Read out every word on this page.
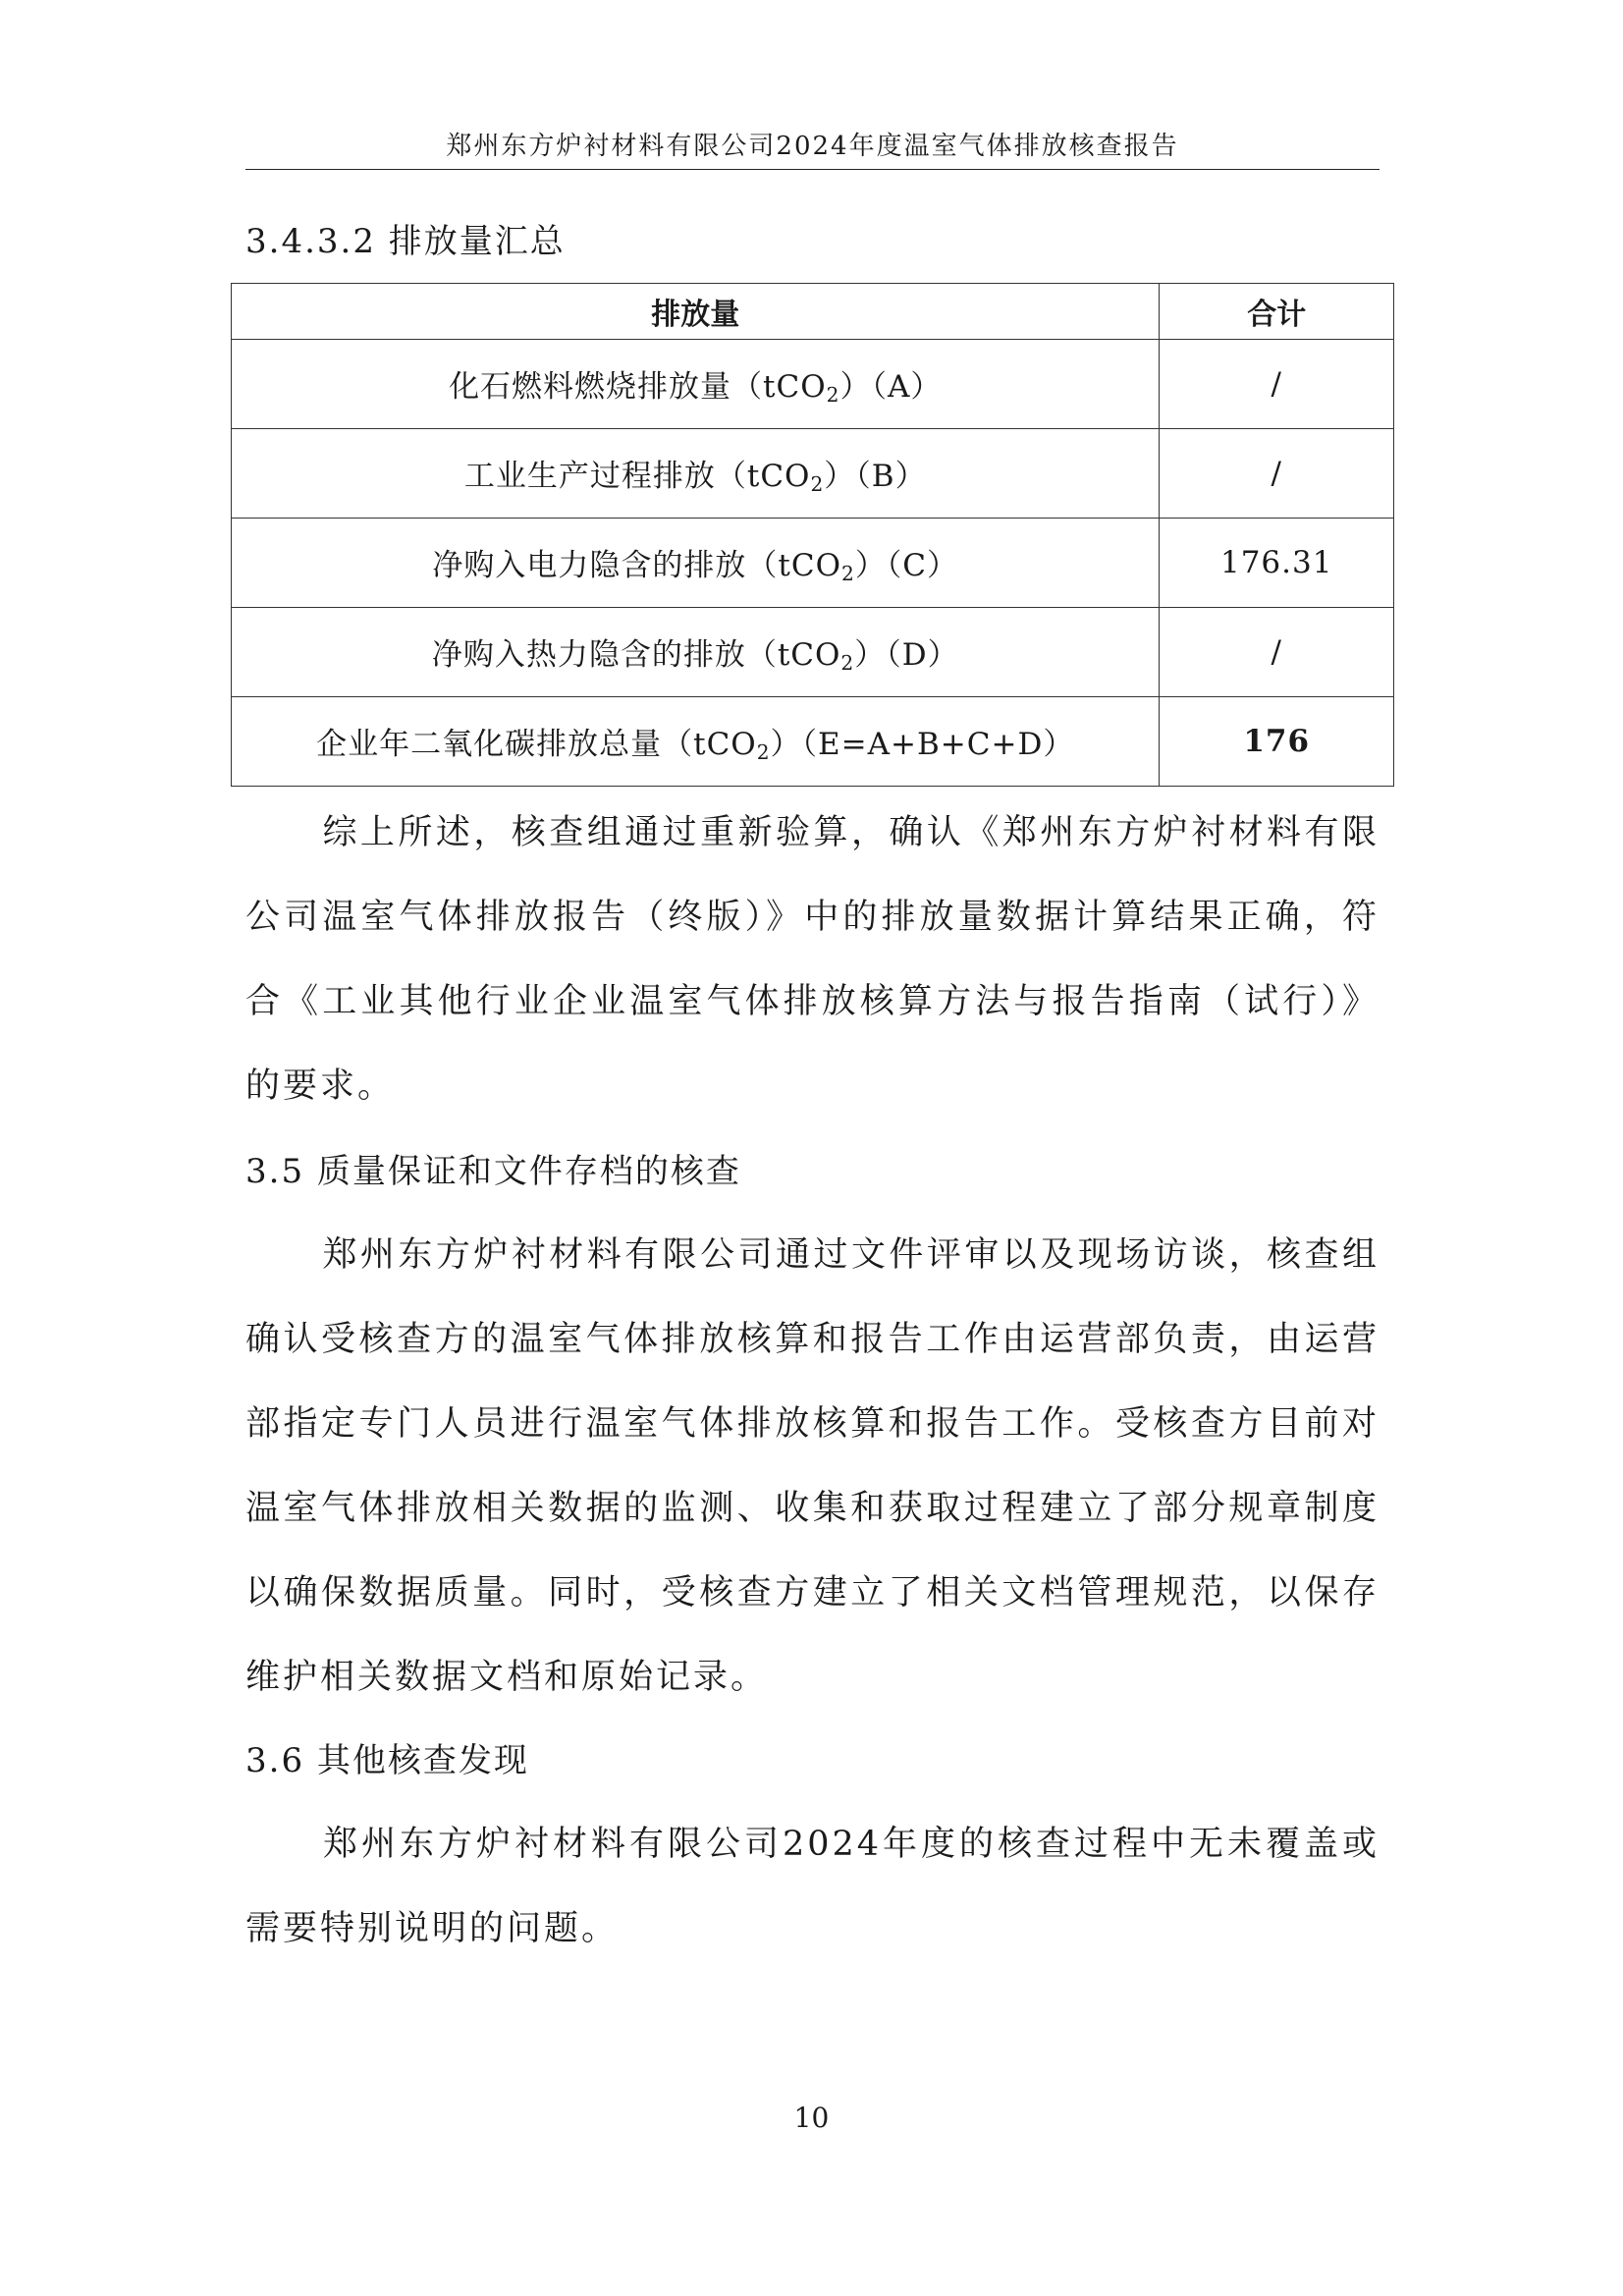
郑州东方炉衬材料有限公司2024年度温室气体排放核查报告
3.4.3.2 排放量汇总
排放量	合计
化石燃料燃烧排放量（tCO$_2$）（A）	/
工业生产过程排放（tCO$_2$）（B）	/
净购入电力隐含的排放（tCO$_2$）（C）	176.31
净购入热力隐含的排放（tCO$_2$）（D）	/
企业年二氧化碳排放总量（tCO$_2$）（E=A+B+C+D）	176
综上所述，核查组通过重新验算，确认《郑州东方炉衬材料有限公司温室气体排放报告（终版）》中的排放量数据计算结果正确，符合《工业其他行业企业温室气体排放核算方法与报告指南（试行）》的要求。
3.5 质量保证和文件存档的核查
郑州东方炉衬材料有限公司通过文件评审以及现场访谈，核查组确认受核查方的温室气体排放核算和报告工作由运营部负责，由运营部指定专门人员进行温室气体排放核算和报告工作。受核查方目前对温室气体排放相关数据的监测、收集和获取过程建立了部分规章制度以确保数据质量。同时，受核查方建立了相关文档管理规范，以保存维护相关数据文档和原始记录。
3.6 其他核查发现
郑州东方炉衬材料有限公司2024年度的核查过程中无未覆盖或需要特别说明的问题。
10
